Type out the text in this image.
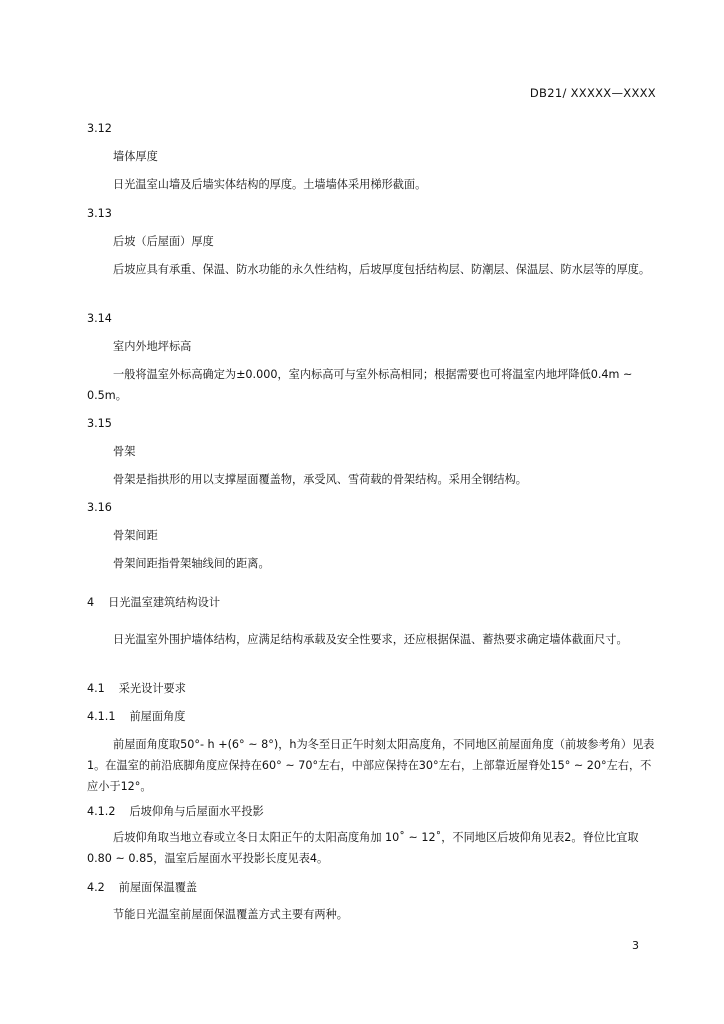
DB21/ XXXXX—XXXX
3.12
墙体厚度
日光温室山墙及后墙实体结构的厚度。土墙墙体采用梯形截面。
3.13
后坡（后屋面）厚度
后坡应具有承重、保温、防水功能的永久性结构，后坡厚度包括结构层、防潮层、保温层、防水层等的厚度。
3.14
室内外地坪标高
一般将温室外标高确定为±0.000，室内标高可与室外标高相同；根据需要也可将温室内地坪降低0.4m ~ 0.5m。
3.15
骨架
骨架是指拱形的用以支撑屋面覆盖物，承受风、雪荷载的骨架结构。采用全钢结构。
3.16
骨架间距
骨架间距指骨架轴线间的距离。
4 日光温室建筑结构设计
日光温室外围护墙体结构，应满足结构承载及安全性要求，还应根据保温、蓄热要求确定墙体截面尺寸。
4.1 采光设计要求
4.1.1 前屋面角度
前屋面角度取50°- h +(6° ~ 8°)，h为冬至日正午时刻太阳高度角，不同地区前屋面角度（前坡参考角）见表1。在温室的前沿底脚角度应保持在60° ~ 70°左右，中部应保持在30°左右，上部靠近屋脊处15° ~ 20°左右，不应小于12°。
4.1.2 后坡仰角与后屋面水平投影
后坡仰角取当地立春或立冬日太阳正午的太阳高度角加 10˚ ~ 12˚，不同地区后坡仰角见表2。脊位比宜取0.80 ~ 0.85，温室后屋面水平投影长度见表4。
4.2 前屋面保温覆盖
节能日光温室前屋面保温覆盖方式主要有两种。
3
